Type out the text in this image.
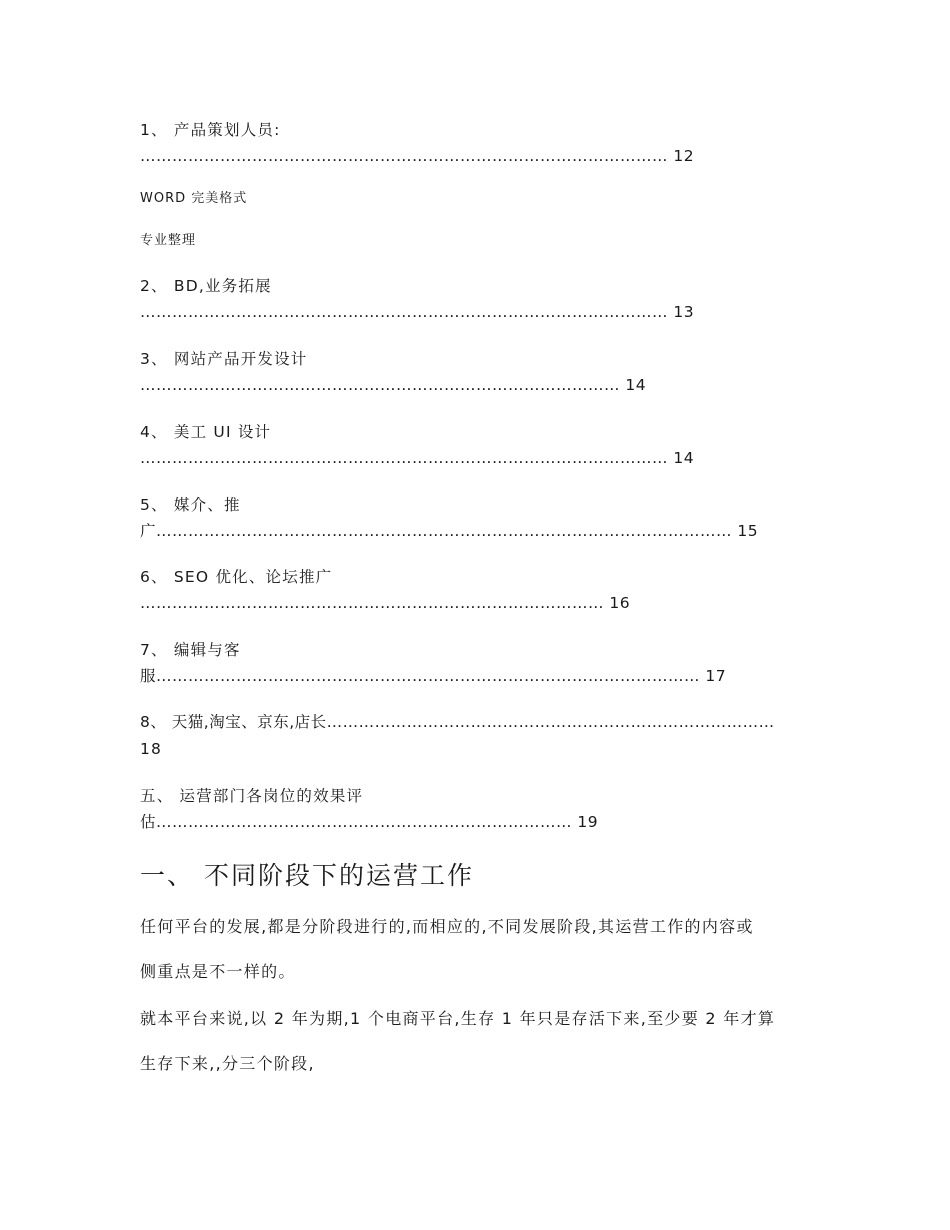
1、 产品策划人员:
……………………………………………………………………………………… 12
WORD 完美格式
专业整理
2、 BD,业务拓展
……………………………………………………………………………………… 13
3、 网站产品开发设计
……………………………………………………………………………… 14
4、 美工 UI 设计
……………………………………………………………………………………… 14
5、 媒介、推
广……………………………………………………………………………………………… 15
6、 SEO 优化、论坛推广
…………………………………………………………………………… 16
7、 编辑与客
服………………………………………………………………………………………… 17
8、 天猫,淘宝、京东,店长…………………………………………………………………………
18
五、 运营部门各岗位的效果评
估…………………………………………………………………… 19
一、 不同阶段下的运营工作
任何平台的发展,都是分阶段进行的,而相应的,不同发展阶段,其运营工作的内容或
侧重点是不一样的。
就本平台来说,以 2 年为期,1 个电商平台,生存 1 年只是存活下来,至少要 2 年才算
生存下来,,分三个阶段,
